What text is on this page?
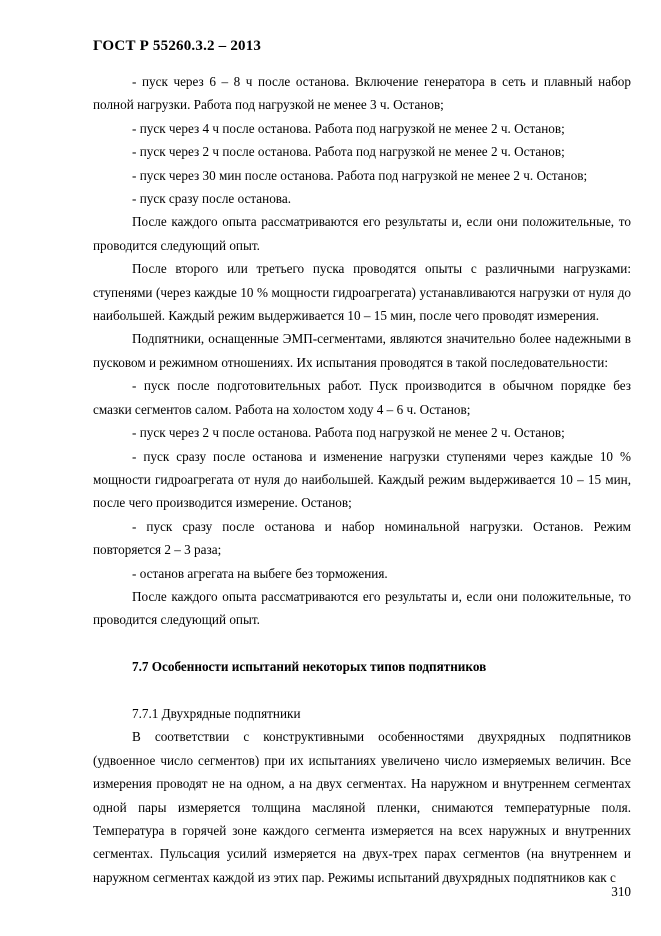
ГОСТ Р 55260.3.2 – 2013

- пуск через 6 – 8 ч после останова. Включение генератора в сеть и плавный набор полной нагрузки. Работа под нагрузкой не менее 3 ч. Останов;

- пуск через 4 ч после останова. Работа под нагрузкой не менее 2 ч. Останов;

- пуск через 2 ч после останова. Работа под нагрузкой не менее 2 ч. Останов;

- пуск через 30 мин после останова. Работа под нагрузкой не менее 2 ч. Останов;

- пуск сразу после останова.

После каждого опыта рассматриваются его результаты и, если они положительные, то проводится следующий опыт.

После второго или третьего пуска проводятся опыты с различными нагрузками: ступенями (через каждые 10 % мощности гидроагрегата) устанавливаются нагрузки от нуля до наибольшей. Каждый режим выдерживается 10 – 15 мин, после чего проводят измерения.

Подпятники, оснащенные ЭМП-сегментами, являются значительно более надежными в пусковом и режимном отношениях. Их испытания проводятся в такой последовательности:

- пуск после подготовительных работ. Пуск производится в обычном порядке без смазки сегментов салом. Работа на холостом ходу 4 – 6 ч. Останов;

- пуск через 2 ч после останова. Работа под нагрузкой не менее 2 ч. Останов;

- пуск сразу после останова и изменение нагрузки ступенями через каждые 10 % мощности гидроагрегата от нуля до наибольшей. Каждый режим выдерживается 10 – 15 мин, после чего производится измерение. Останов;

- пуск сразу после останова и набор номинальной нагрузки. Останов. Режим повторяется 2 – 3 раза;

- останов агрегата на выбеге без торможения.

После каждого опыта рассматриваются его результаты и, если они положительные, то проводится следующий опыт.

7.7 Особенности испытаний некоторых типов подпятников

7.7.1 Двухрядные подпятники

В соответствии с конструктивными особенностями двухрядных подпятников (удвоенное число сегментов) при их испытаниях увеличено число измеряемых величин. Все измерения проводят не на одном, а на двух сегментах. На наружном и внутреннем сегментах одной пары измеряется толщина масляной пленки, снимаются температурные поля. Температура в горячей зоне каждого сегмента измеряется на всех наружных и внутренних сегментах. Пульсация усилий измеряется на двух-трех парах сегментов (на внутреннем и наружном сегментах каждой из этих пар. Режимы испытаний двухрядных подпятников как с

310
